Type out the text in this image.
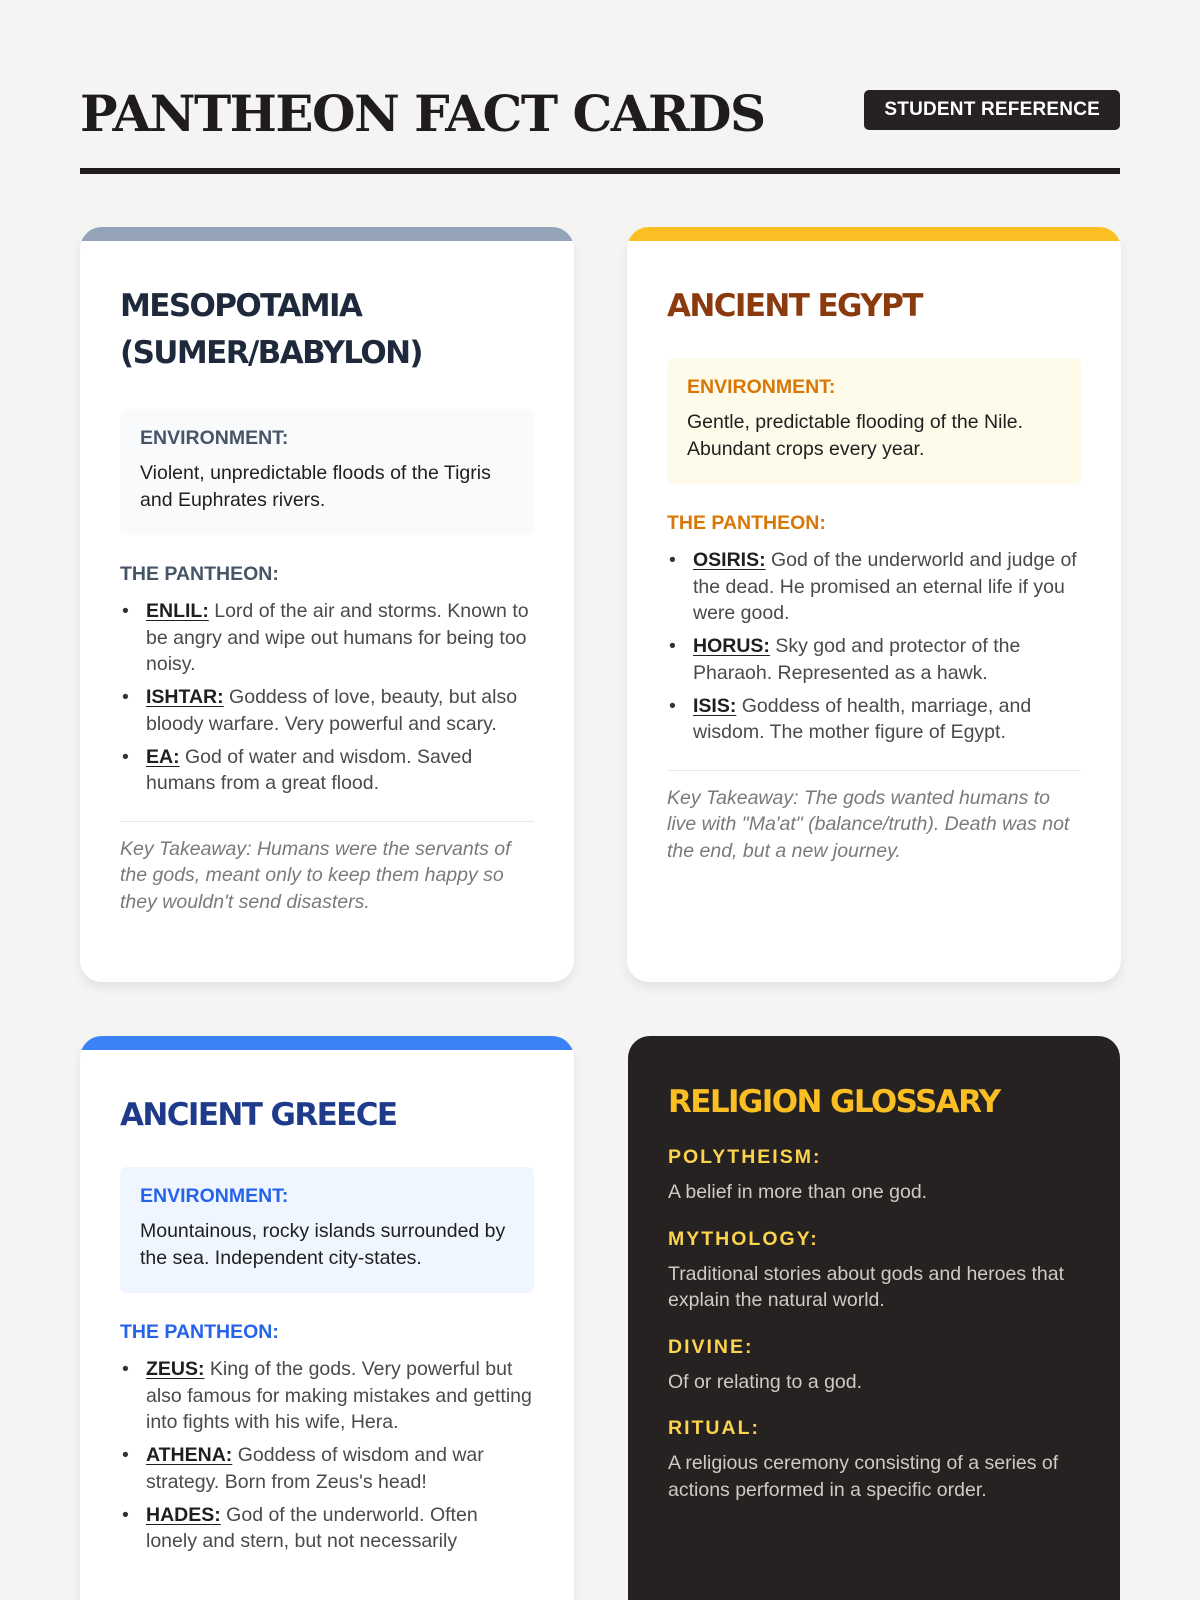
PANTHEON FACT CARDS	STUDENT REFERENCE
MESOPOTAMIA (SUMER/BABYLON)
ENVIRONMENT:
Violent, unpredictable floods of the Tigris and Euphrates rivers.
THE PANTHEON:
• ENLIL: Lord of the air and storms. Known to be angry and wipe out humans for being too noisy.
• ISHTAR: Goddess of love, beauty, but also bloody warfare. Very powerful and scary.
• EA: God of water and wisdom. Saved humans from a great flood.
Key Takeaway: Humans were the servants of the gods, meant only to keep them happy so they wouldn't send disasters.
ANCIENT EGYPT
ENVIRONMENT:
Gentle, predictable flooding of the Nile. Abundant crops every year.
THE PANTHEON:
• OSIRIS: God of the underworld and judge of the dead. He promised an eternal life if you were good.
• HORUS: Sky god and protector of the Pharaoh. Represented as a hawk.
• ISIS: Goddess of health, marriage, and wisdom. The mother figure of Egypt.
Key Takeaway: The gods wanted humans to live with "Ma'at" (balance/truth). Death was not the end, but a new journey.
ANCIENT GREECE
ENVIRONMENT:
Mountainous, rocky islands surrounded by the sea. Independent city-states.
THE PANTHEON:
• ZEUS: King of the gods. Very powerful but also famous for making mistakes and getting into fights with his wife, Hera.
• ATHENA: Goddess of wisdom and war strategy. Born from Zeus's head!
• HADES: God of the underworld. Often lonely and stern, but not necessarily
RELIGION GLOSSARY
POLYTHEISM:
A belief in more than one god.
MYTHOLOGY:
Traditional stories about gods and heroes that explain the natural world.
DIVINE:
Of or relating to a god.
RITUAL:
A religious ceremony consisting of a series of actions performed in a specific order.
